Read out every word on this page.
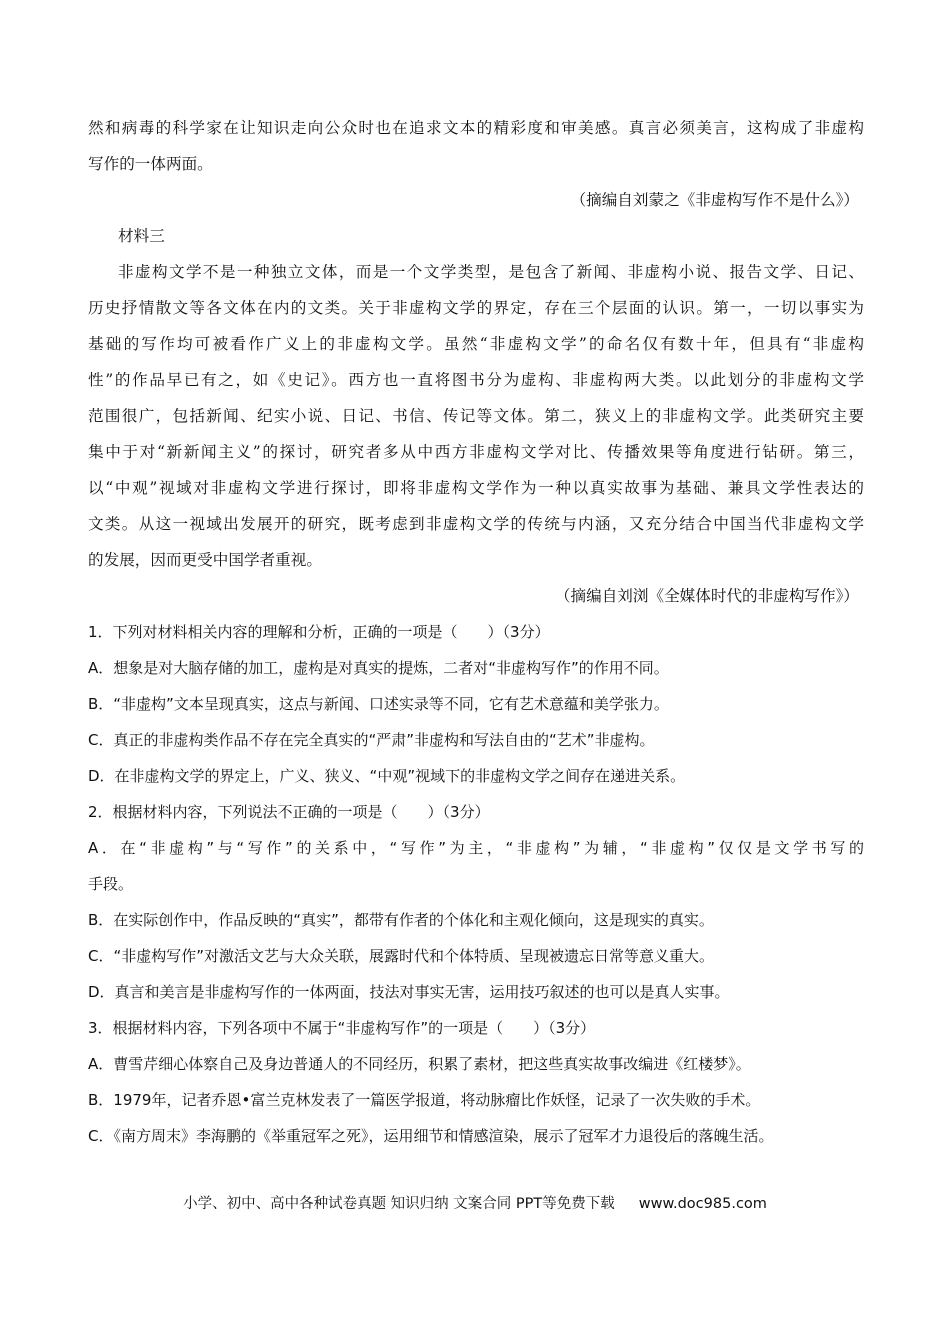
然和病毒的科学家在让知识走向公众时也在追求文本的精彩度和审美感。真言必须美言，这构成了非虚构
写作的一体两面。
（摘编自刘蒙之《非虚构写作不是什么》）
材料三
非虚构文学不是一种独立文体，而是一个文学类型，是包含了新闻、非虚构小说、报告文学、日记、
历史抒情散文等各文体在内的文类。关于非虚构文学的界定，存在三个层面的认识。第一，一切以事实为
基础的写作均可被看作广义上的非虚构文学。虽然“非虚构文学”的命名仅有数十年，但具有“非虚构
性”的作品早已有之，如《史记》。西方也一直将图书分为虚构、非虚构两大类。以此划分的非虚构文学
范围很广，包括新闻、纪实小说、日记、书信、传记等文体。第二，狭义上的非虚构文学。此类研究主要
集中于对“新新闻主义”的探讨，研究者多从中西方非虚构文学对比、传播效果等角度进行钻研。第三，
以“中观”视域对非虚构文学进行探讨，即将非虚构文学作为一种以真实故事为基础、兼具文学性表达的
文类。从这一视域出发展开的研究，既考虑到非虚构文学的传统与内涵，又充分结合中国当代非虚构文学
的发展，因而更受中国学者重视。
（摘编自刘浏《全媒体时代的非虚构写作》）
1．下列对材料相关内容的理解和分析，正确的一项是（　　）（3分）
A．想象是对大脑存储的加工，虚构是对真实的提炼，二者对“非虚构写作”的作用不同。
B．“非虚构”文本呈现真实，这点与新闻、口述实录等不同，它有艺术意蕴和美学张力。
C．真正的非虚构类作品不存在完全真实的“严肃”非虚构和写法自由的“艺术”非虚构。
D．在非虚构文学的界定上，广义、狭义、“中观”视域下的非虚构文学之间存在递进关系。
2．根据材料内容，下列说法不正确的一项是（　　）（3分）
A．在“非虚构”与“写作”的关系中，“写作”为主，“非虚构”为辅，“非虚构”仅仅是文学书写的
手段。
B．在实际创作中，作品反映的“真实”，都带有作者的个体化和主观化倾向，这是现实的真实。
C．“非虚构写作”对激活文艺与大众关联，展露时代和个体特质、呈现被遗忘日常等意义重大。
D．真言和美言是非虚构写作的一体两面，技法对事实无害，运用技巧叙述的也可以是真人实事。
3．根据材料内容，下列各项中不属于“非虚构写作”的一项是（　　）（3分）
A．曹雪芹细心体察自己及身边普通人的不同经历，积累了素材，把这些真实故事改编进《红楼梦》。
B．1979年，记者乔恩•富兰克林发表了一篇医学报道，将动脉瘤比作妖怪，记录了一次失败的手术。
C．《南方周末》李海鹏的《举重冠军之死》，运用细节和情感渲染，展示了冠军才力退役后的落魄生活。
小学、初中、高中各种试卷真题 知识归纳 文案合同 PPT等免费下载 www.doc985.com
